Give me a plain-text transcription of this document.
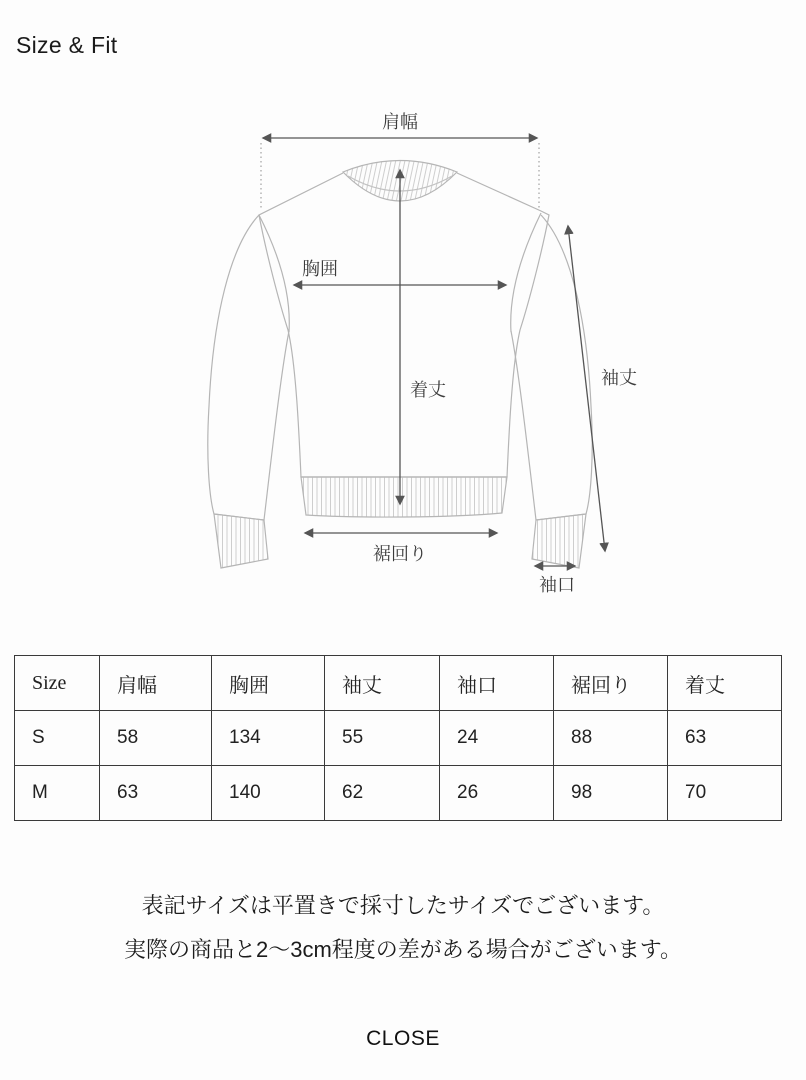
Size & Fit
肩幅
胸囲
着丈
袖丈
裾回り
袖口
Size	肩幅	胸囲	袖丈	袖口	裾回り	着丈
S	58	134	55	24	88	63
M	63	140	62	26	98	70
表記サイズは平置きで採寸したサイズでございます。
実際の商品と2〜3cm程度の差がある場合がございます。
CLOSE
